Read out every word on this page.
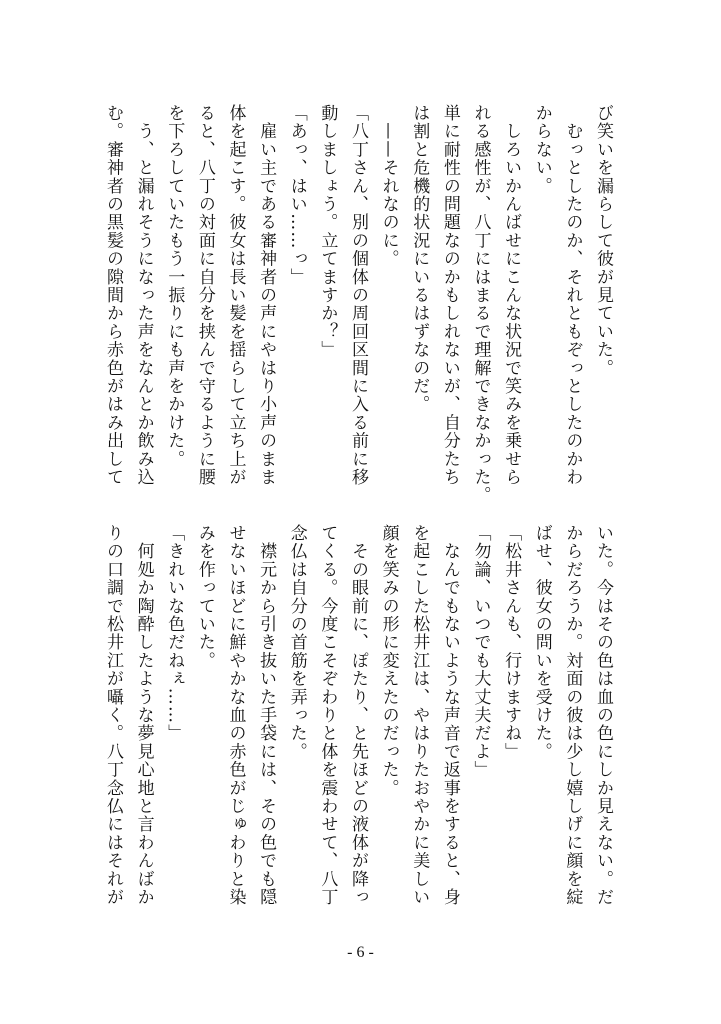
び笑いを漏らして彼が見ていた。
　むっとしたのか、それともぞっとしたのかわ
からない。
　しろいかんばせにこんな状況で笑みを乗せら
れる感性が、八丁にはまるで理解できなかった。
単に耐性の問題なのかもしれないが、自分たち
は割と危機的状況にいるはずなのだ。
　——それなのに。
「八丁さん、別の個体の周回区間に入る前に移
動しましょう。立てますか？」
「あっ、はい……っ」
　雇い主である審神者の声にやはり小声のまま
体を起こす。彼女は長い髪を揺らして立ち上が
ると、八丁の対面に自分を挟んで守るように腰
を下ろしていたもう一振りにも声をかけた。
　う、と漏れそうになった声をなんとか飲み込
む。審神者の黒髪の隙間から赤色がはみ出して
いた。今はその色は血の色にしか見えない。だ
からだろうか。対面の彼は少し嬉しげに顔を綻
ばせ、彼女の問いを受けた。
「松井さんも、行けますね」
「勿論、いつでも大丈夫だよ」
　なんでもないような声音で返事をすると、身
を起こした松井江は、やはりたおやかに美しい
顔を笑みの形に変えたのだった。
　その眼前に、ぽたり、と先ほどの液体が降っ
てくる。今度こそぞわりと体を震わせて、八丁
念仏は自分の首筋を弄った。
　襟元から引き抜いた手袋には、その色でも隠
せないほどに鮮やかな血の赤色がじゅわりと染
みを作っていた。
「きれいな色だねぇ……」
　何処か陶酔したような夢見心地と言わんばか
りの口調で松井江が囁く。八丁念仏にはそれが
- 6 -
